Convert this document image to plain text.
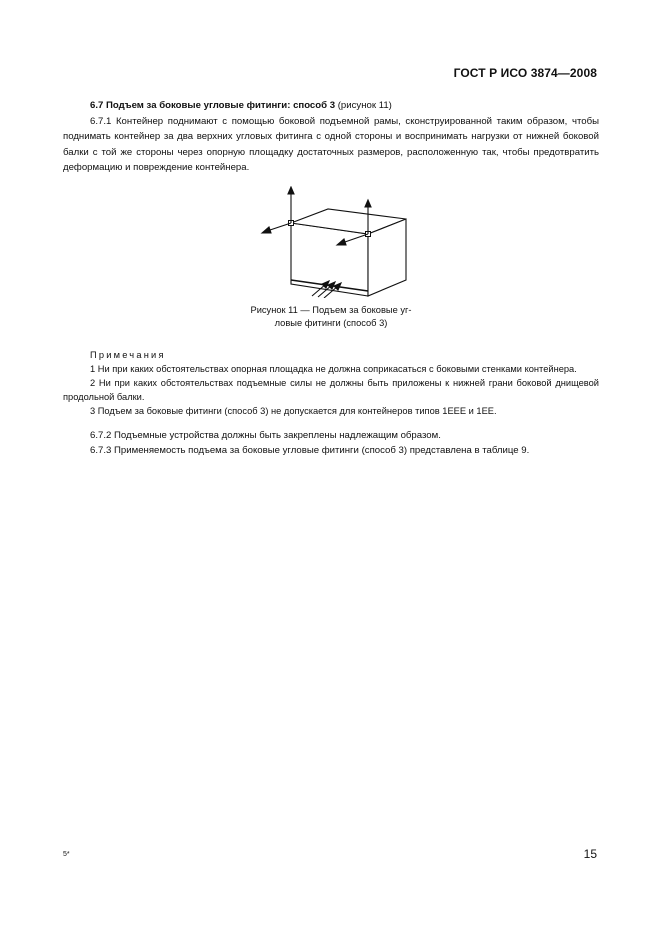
ГОСТ Р ИСО 3874—2008

6.7 Подъем за боковые угловые фитинги: способ 3 (рисунок 11)

6.7.1 Контейнер поднимают с помощью боковой подъемной рамы, сконструированной таким образом, чтобы поднимать контейнер за два верхних угловых фитинга с одной стороны и воспринимать нагрузки от нижней боковой балки с той же стороны через опорную площадку достаточных размеров, расположенную так, чтобы предотвратить деформацию и повреждение контейнера.

Рисунок 11 — Подъем за боковые уг-
ловые фитинги (способ 3)

Примечания

1 Ни при каких обстоятельствах опорная площадка не должна соприкасаться с боковыми стенками контейнера.

2 Ни при каких обстоятельствах подъемные силы не должны быть приложены к нижней грани боковой днищевой продольной балки.

3 Подъем за боковые фитинги (способ 3) не допускается для контейнеров типов 1EEE и 1EE.

6.7.2 Подъемные устройства должны быть закреплены надлежащим образом.

6.7.3 Применяемость подъема за боковые угловые фитинги (способ 3) представлена в таблице 9.

5*	15
